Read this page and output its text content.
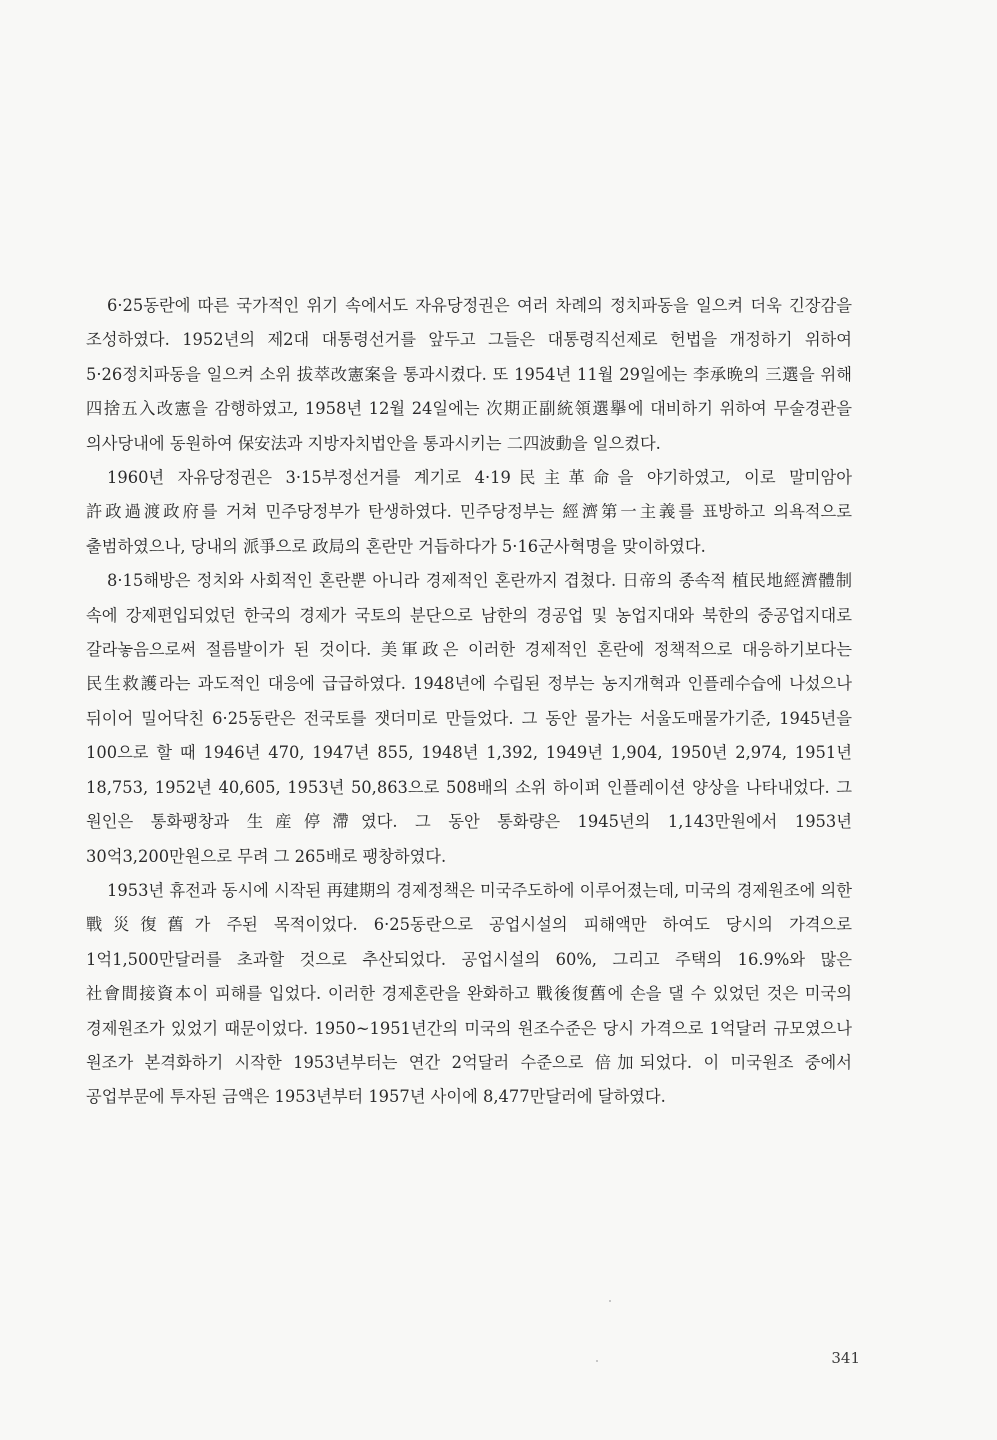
6·25동란에 따른 국가적인 위기 속에서도 자유당정권은 여러 차례의 정치파동을 일으켜 더욱 긴장감을 조성하였다. 1952년의 제2대 대통령선거를 앞두고 그들은 대통령직선제로 헌법을 개정하기 위하여 5·26정치파동을 일으켜 소위 拔萃改憲案을 통과시켰다. 또 1954년 11월 29일에는 李承晩의 三選을 위해 四捨五入改憲을 감행하였고, 1958년 12월 24일에는 次期正副統領選擧에 대비하기 위하여 무술경관을 의사당내에 동원하여 保安法과 지방자치법안을 통과시키는 二四波動을 일으켰다.

1960년 자유당정권은 3·15부정선거를 계기로 4·19民主革命을 야기하였고, 이로 말미암아 許政過渡政府를 거쳐 민주당정부가 탄생하였다. 민주당정부는 經濟第一主義를 표방하고 의욕적으로 출범하였으나, 당내의 派爭으로 政局의 혼란만 거듭하다가 5·16군사혁명을 맞이하였다.

8·15해방은 정치와 사회적인 혼란뿐 아니라 경제적인 혼란까지 겹쳤다. 日帝의 종속적 植民地經濟體制 속에 강제편입되었던 한국의 경제가 국토의 분단으로 남한의 경공업 및 농업지대와 북한의 중공업지대로 갈라놓음으로써 절름발이가 된 것이다. 美軍政은 이러한 경제적인 혼란에 정책적으로 대응하기보다는 民生救護라는 과도적인 대응에 급급하였다. 1948년에 수립된 정부는 농지개혁과 인플레수습에 나섰으나 뒤이어 밀어닥친 6·25동란은 전국토를 잿더미로 만들었다. 그 동안 물가는 서울도매물가기준, 1945년을 100으로 할 때 1946년 470, 1947년 855, 1948년 1,392, 1949년 1,904, 1950년 2,974, 1951년 18,753, 1952년 40,605, 1953년 50,863으로 508배의 소위 하이퍼 인플레이션 양상을 나타내었다. 그 원인은 통화팽창과 生産停滯였다. 그 동안 통화량은 1945년의 1,143만원에서 1953년 30억3,200만원으로 무려 그 265배로 팽창하였다.

1953년 휴전과 동시에 시작된 再建期의 경제정책은 미국주도하에 이루어졌는데, 미국의 경제원조에 의한 戰災復舊가 주된 목적이었다. 6·25동란으로 공업시설의 피해액만 하여도 당시의 가격으로 1억1,500만달러를 초과할 것으로 추산되었다. 공업시설의 60%, 그리고 주택의 16.9%와 많은 社會間接資本이 피해를 입었다. 이러한 경제혼란을 완화하고 戰後復舊에 손을 댈 수 있었던 것은 미국의 경제원조가 있었기 때문이었다. 1950~1951년간의 미국의 원조수준은 당시 가격으로 1억달러 규모였으나 원조가 본격화하기 시작한 1953년부터는 연간 2억달러 수준으로 倍加되었다. 이 미국원조 중에서 공업부문에 투자된 금액은 1953년부터 1957년 사이에 8,477만달러에 달하였다.

341
